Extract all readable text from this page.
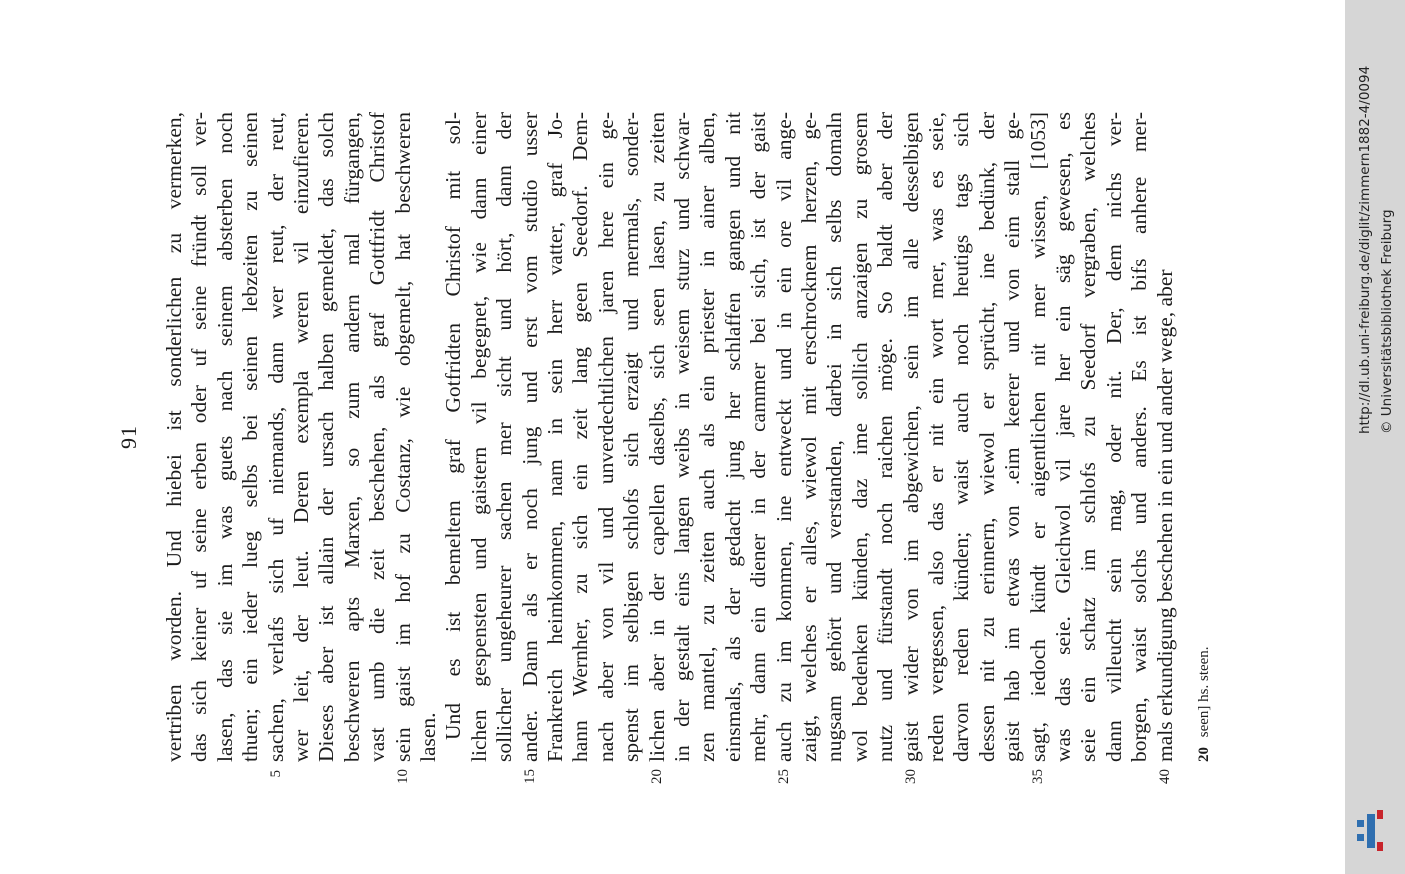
91 vertriben worden. Und hiebei ist sonderlichen zu vermerken, das sich keiner uf seine erben oder uf seine fründt soll ver- lasen, das sie im was guets nach seinem absterben noch thuen; ein ieder lueg selbs bei seinen lebzeiten zu seinen
5
sachen, verlafs sich uf niemands, dann wer reut, der reut, wer leit, der leut. Deren exempla weren vil einzufieren. Dieses aber ist allain der ursach halben gemeldet, das solch beschweren apts Marxen, so zum andern mal fürgangen, vast umb die zeit beschehen, als graf Gottfridt Christof
10
sein gaist im hof zu Costanz, wie obgemelt, hat beschweren lasen. Und es ist bemeltem graf Gotfridten Christof mit sol- lichen gespensten und gaistern vil begegnet, wie dann einer sollicher ungeheurer sachen mer sicht und hört, dann der
15
ander. Dann als er noch jung und erst vom studio usser Frankreich heimkommen, nam in sein herr vatter, graf Jo- hann Wernher, zu sich ein zeit lang geen Seedorf. Dem- nach aber von vil und unverdechtlichen jaren here ein ge- spenst im selbigen schlofs sich erzaigt und mermals, sonder-
20
lichen aber in der capellen daselbs, sich seen lasen, zu zeiten in der gestalt eins langen weibs in weisem sturz und schwar- zen mantel, zu zeiten auch als ein priester in ainer alben, einsmals, als der gedacht jung her schlaffen gangen und nit mehr, dann ein diener in der cammer bei sich, ist der gaist
25
auch zu im kommen, ine entweckt und in ein ore vil ange- zaigt, welches er alles, wiewol mit erschrocknem herzen, ge- nugsam gehört und verstanden, darbei in sich selbs domaln wol bedenken künden, daz ime sollich anzaigen zu grosem nutz und fürstandt noch raichen möge. So baldt aber der
30
gaist wider von im abgewichen, sein im alle desselbigen reden vergessen, also das er nit ein wort mer, was es seie, darvon reden künden; waist auch noch heutigs tags sich dessen nit zu erinnern, wiewol er sprücht, ine bedünk, der gaist hab im etwas von .eim keerer und von eim stall ge-
35
sagt, iedoch kündt er aigentlichen nit mer wissen, [1053] was das seie. Gleichwol vil jare her ein säg gewesen, es seie ein schatz im schlofs zu Seedorf vergraben, welches dann villeucht sein mag, oder nit. Der, dem nichs ver- borgen, waist solchs und anders. Es ist bifs anhere mer-
40
mals erkundigung beschehen in ein und ander wege, aber 20 seen] hs. steen.
http://dl.ub.uni-freiburg.de/diglit/zimmern1882-4/0094 © Universitätsbibliothek Freiburg
